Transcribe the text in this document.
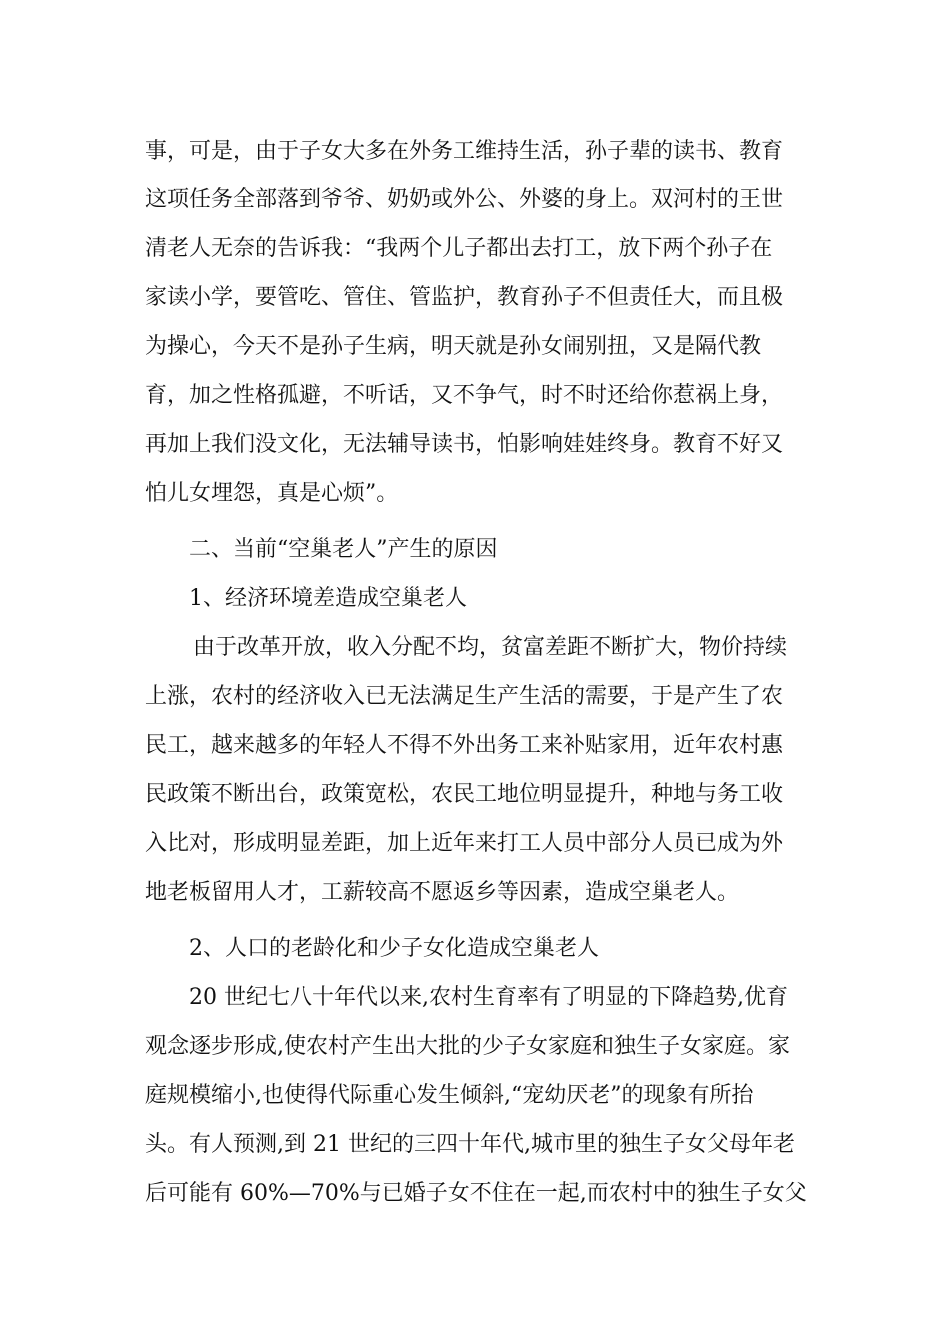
事，可是，由于子女大多在外务工维持生活，孙子辈的读书、教育
这项任务全部落到爷爷、奶奶或外公、外婆的身上。双河村的王世
清老人无奈的告诉我：“我两个儿子都出去打工，放下两个孙子在
家读小学，要管吃、管住、管监护，教育孙子不但责任大，而且极
为操心，今天不是孙子生病，明天就是孙女闹别扭，又是隔代教
育，加之性格孤避，不听话，又不争气，时不时还给你惹祸上身，
再加上我们没文化，无法辅导读书，怕影响娃娃终身。教育不好又
怕儿女埋怨，真是心烦”。
二、当前“空巢老人”产生的原因
1、经济环境差造成空巢老人
由于改革开放，收入分配不均，贫富差距不断扩大，物价持续
上涨，农村的经济收入已无法满足生产生活的需要，于是产生了农
民工，越来越多的年轻人不得不外出务工来补贴家用，近年农村惠
民政策不断出台，政策宽松，农民工地位明显提升，种地与务工收
入比对，形成明显差距，加上近年来打工人员中部分人员已成为外
地老板留用人才，工薪较高不愿返乡等因素，造成空巢老人。
2、人口的老龄化和少子女化造成空巢老人
20 世纪七八十年代以来,农村生育率有了明显的下降趋势,优育
观念逐步形成,使农村产生出大批的少子女家庭和独生子女家庭。家
庭规模缩小,也使得代际重心发生倾斜,“宠幼厌老”的现象有所抬
头。有人预测,到 21 世纪的三四十年代,城市里的独生子女父母年老
后可能有 60%—70%与已婚子女不住在一起,而农村中的独生子女父
